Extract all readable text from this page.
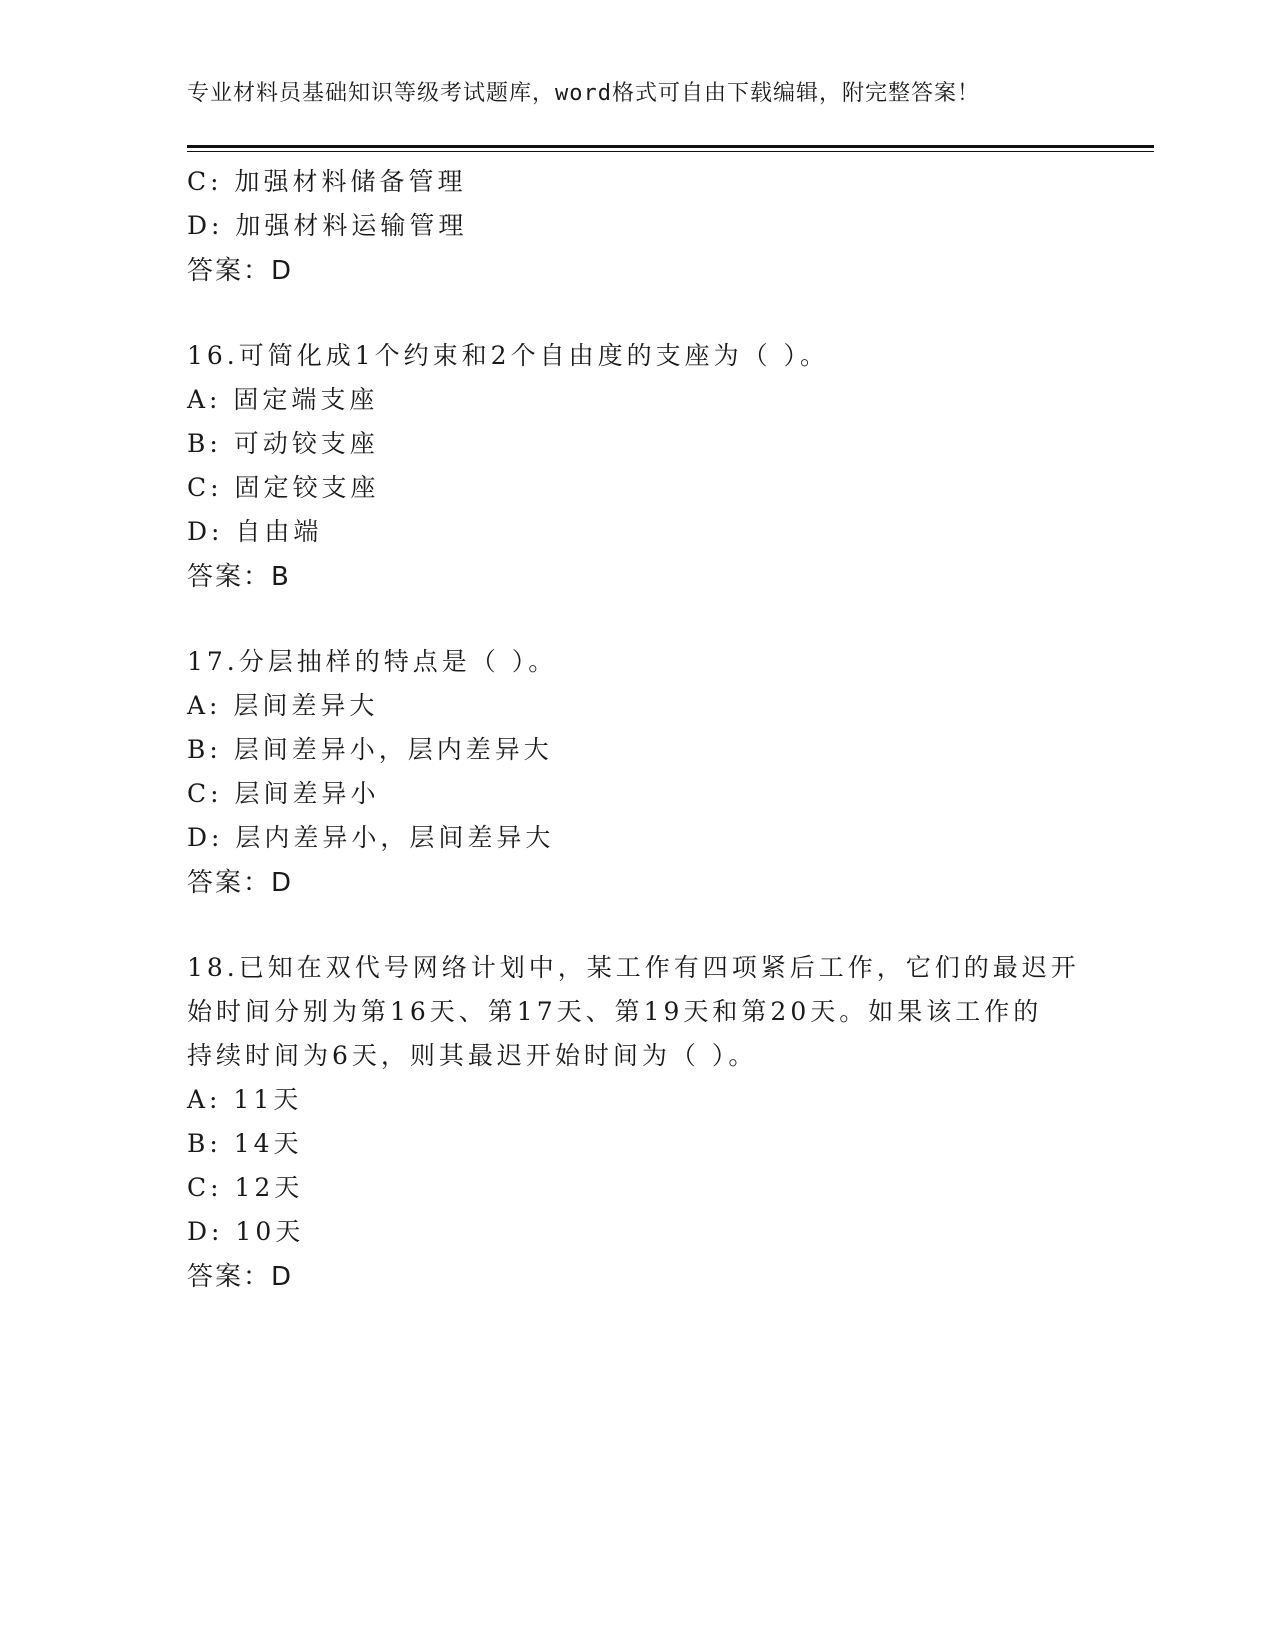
专业材料员基础知识等级考试题库，word格式可自由下载编辑，附完整答案！
C: 加强材料储备管理
D: 加强材料运输管理
答案：D
16.可简化成1个约束和2个自由度的支座为（ ）。
A: 固定端支座
B: 可动铰支座
C: 固定铰支座
D: 自由端
答案：B
17.分层抽样的特点是（ ）。
A: 层间差异大
B: 层间差异小，层内差异大
C: 层间差异小
D: 层内差异小，层间差异大
答案：D
18.已知在双代号网络计划中，某工作有四项紧后工作，它们的最迟开
始时间分别为第16天、第17天、第19天和第20天。如果该工作的
持续时间为6天，则其最迟开始时间为（ ）。
A: 11天
B: 14天
C: 12天
D: 10天
答案：D
